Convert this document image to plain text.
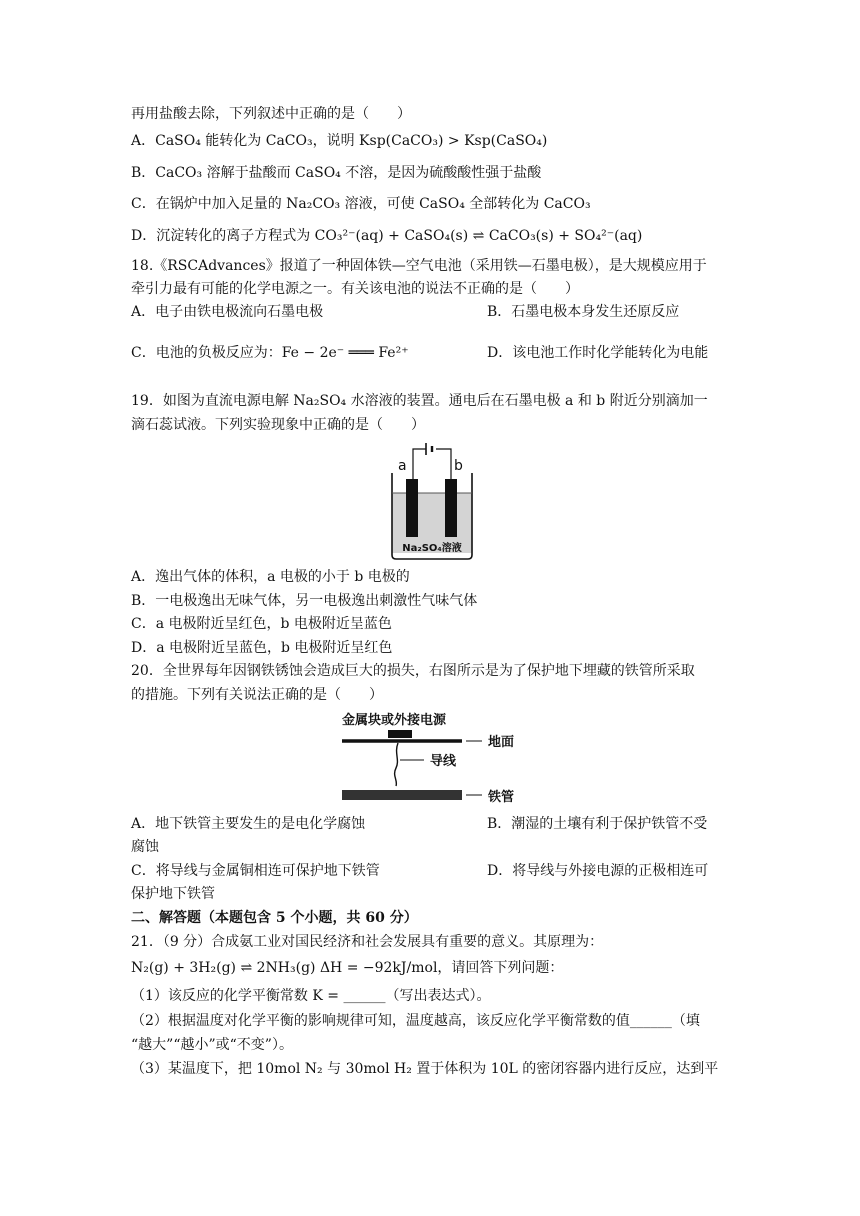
再用盐酸去除，下列叙述中正确的是（　　）
A．CaSO₄ 能转化为 CaCO₃，说明 Ksp(CaCO₃) > Ksp(CaSO₄)
B．CaCO₃ 溶解于盐酸而 CaSO₄ 不溶，是因为硫酸酸性强于盐酸
C．在锅炉中加入足量的 Na₂CO₃ 溶液，可使 CaSO₄ 全部转化为 CaCO₃
D．沉淀转化的离子方程式为 CO₃²⁻(aq) + CaSO₄(s) ⇌ CaCO₃(s) + SO₄²⁻(aq)
18.《RSCAdvances》报道了一种固体铁—空气电池（采用铁—石墨电极），是大规模应用于
牵引力最有可能的化学电源之一。有关该电池的说法不正确的是（　　）
A．电子由铁电极流向石墨电极	B．石墨电极本身发生还原反应
C．电池的负极反应为：Fe − 2e⁻ ═══ Fe²⁺	D．该电池工作时化学能转化为电能
19．如图为直流电源电解 Na₂SO₄ 水溶液的装置。通电后在石墨电极 a 和 b 附近分别滴加一
滴石蕊试液。下列实验现象中正确的是（　　）
a	b
Na₂SO₄溶液
A．逸出气体的体积，a 电极的小于 b 电极的
B．一电极逸出无味气体，另一电极逸出刺激性气味气体
C．a 电极附近呈红色，b 电极附近呈蓝色
D．a 电极附近呈蓝色，b 电极附近呈红色
20．全世界每年因钢铁锈蚀会造成巨大的损失，右图所示是为了保护地下埋藏的铁管所采取
的措施。下列有关说法正确的是（　　）
金属块或外接电源
地面
导线
铁管
A．地下铁管主要发生的是电化学腐蚀	B．潮湿的土壤有利于保护铁管不受
腐蚀
C．将导线与金属铜相连可保护地下铁管	D．将导线与外接电源的正极相连可
保护地下铁管
二、解答题（本题包含 5 个小题，共 60 分）
21．（9 分）合成氨工业对国民经济和社会发展具有重要的意义。其原理为：
N₂(g) + 3H₂(g) ⇌ 2NH₃(g) ΔH = −92kJ/mol，请回答下列问题：
（1）该反应的化学平衡常数 K = ______（写出表达式）。
（2）根据温度对化学平衡的影响规律可知，温度越高，该反应化学平衡常数的值______（填
“越大”“越小”或“不变”）。
（3）某温度下，把 10mol N₂ 与 30mol H₂ 置于体积为 10L 的密闭容器内进行反应，达到平
